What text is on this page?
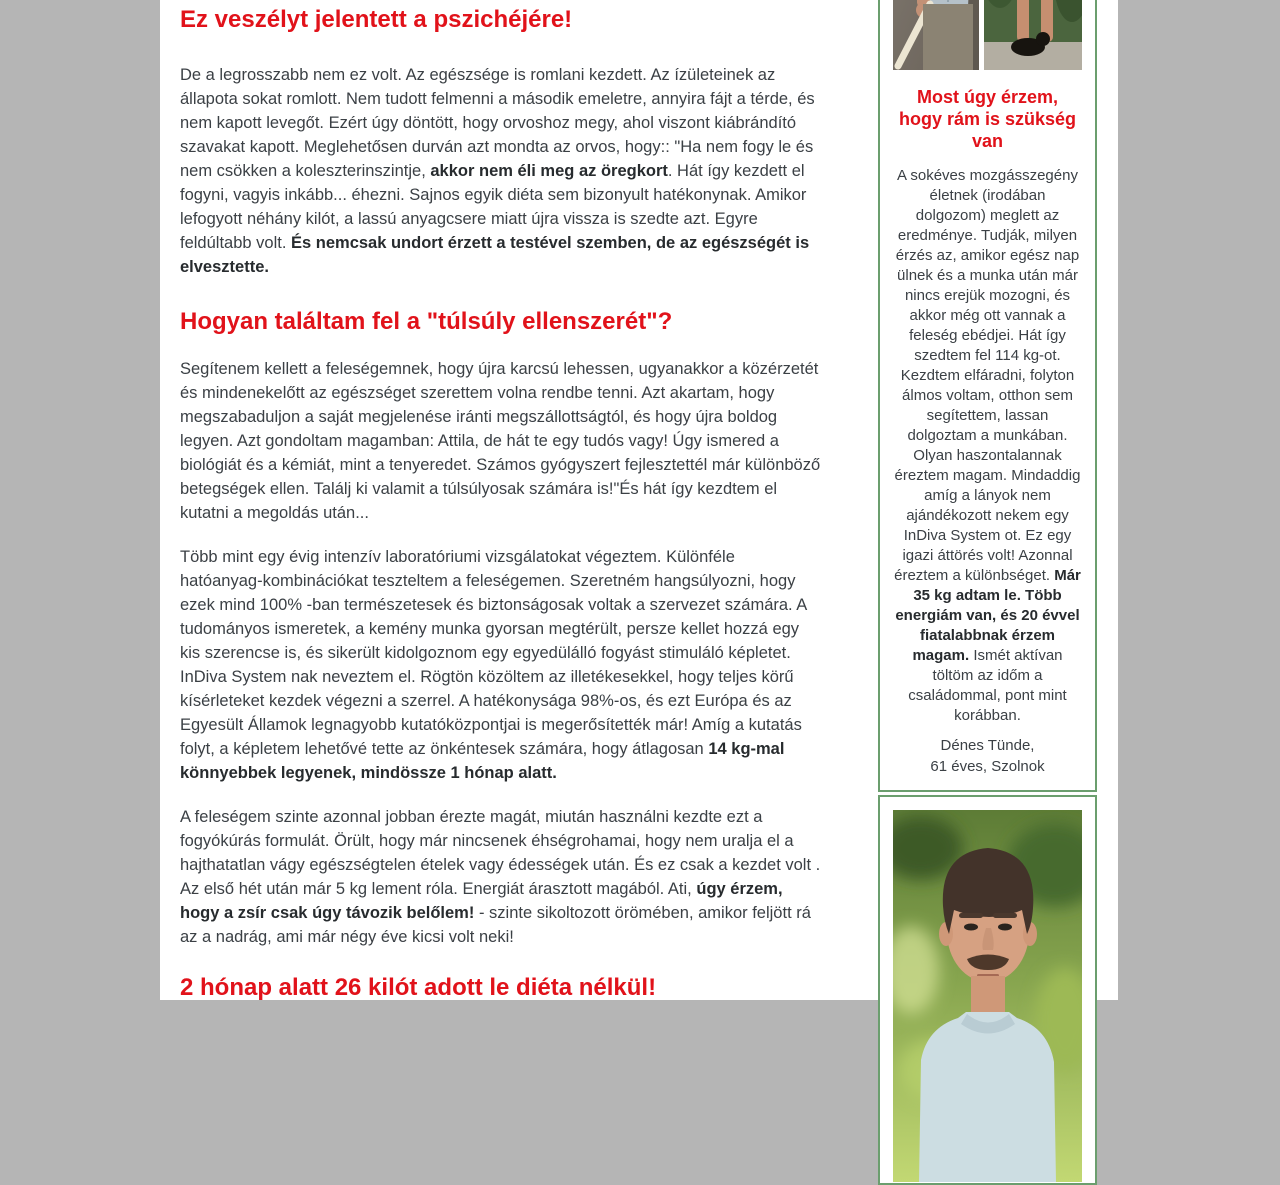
Ez veszélyt jelentett a pszichéjére!

De a legrosszabb nem ez volt. Az egészsége is romlani kezdett. Az ízületeinek az állapota sokat romlott. Nem tudott felmenni a második emeletre, annyira fájt a térde, és nem kapott levegőt. Ezért úgy döntött, hogy orvoshoz megy, ahol viszont kiábrándító szavakat kapott. Meglehetősen durván azt mondta az orvos, hogy:: "Ha nem fogy le és nem csökken a koleszterinszintje, akkor nem éli meg az öregkort. Hát így kezdett el fogyni, vagyis inkább... éhezni. Sajnos egyik diéta sem bizonyult hatékonynak. Amikor lefogyott néhány kilót, a lassú anyagcsere miatt újra vissza is szedte azt. Egyre feldúltabb volt. És nemcsak undort érzett a testével szemben, de az egészségét is elvesztette.

Hogyan találtam fel a "túlsúly ellenszerét"?

Segítenem kellett a feleségemnek, hogy újra karcsú lehessen, ugyanakkor a közérzetét és mindenekelőtt az egészséget szerettem volna rendbe tenni. Azt akartam, hogy megszabaduljon a saját megjelenése iránti megszállottságtól, és hogy újra boldog legyen. Azt gondoltam magamban: Attila, de hát te egy tudós vagy! Úgy ismered a biológiát és a kémiát, mint a tenyeredet. Számos gyógyszert fejlesztettél már különböző betegségek ellen. Találj ki valamit a túlsúlyosak számára is!"És hát így kezdtem el kutatni a megoldás után...

Több mint egy évig intenzív laboratóriumi vizsgálatokat végeztem. Különféle hatóanyag-kombinációkat teszteltem a feleségemen. Szeretném hangsúlyozni, hogy ezek mind 100% -ban természetesek és biztonságosak voltak a szervezet számára. A tudományos ismeretek, a kemény munka gyorsan megtérült, persze kellet hozzá egy kis szerencse is, és sikerült kidolgoznom egy egyedülálló fogyást stimuláló képletet. InDiva System nak neveztem el. Rögtön közöltem az illetékesekkel, hogy teljes körű kísérleteket kezdek végezni a szerrel. A hatékonysága 98%-os, és ezt Európa és az Egyesült Államok legnagyobb kutatóközpontjai is megerősítették már! Amíg a kutatás folyt, a képletem lehetővé tette az önkéntesek számára, hogy átlagosan 14 kg-mal könnyebbek legyenek, mindössze 1 hónap alatt.

A feleségem szinte azonnal jobban érezte magát, miután használni kezdte ezt a fogyókúrás formulát. Örült, hogy már nincsenek éhségrohamai, hogy nem uralja el a hajthatatlan vágy egészségtelen ételek vagy édességek után. És ez csak a kezdet volt . Az első hét után már 5 kg lement róla. Energiát árasztott magából. Ati, úgy érzem, hogy a zsír csak úgy távozik belőlem! - szinte sikoltozott örömében, amikor feljött rá az a nadrág, ami már négy éve kicsi volt neki!

2 hónap alatt 26 kilót adott le diéta nélkül!
Most úgy érzem, hogy rám is szükség van

A sokéves mozgásszegény életnek (irodában dolgozom) meglett az eredménye. Tudják, milyen érzés az, amikor egész nap ülnek és a munka után már nincs erejük mozogni, és akkor még ott vannak a feleség ebédjei. Hát így szedtem fel 114 kg-ot. Kezdtem elfáradni, folyton álmos voltam, otthon sem segítettem, lassan dolgoztam a munkában. Olyan haszontalannak éreztem magam. Mindaddig amíg a lányok nem ajándékozott nekem egy InDiva System ot. Ez egy igazi áttörés volt! Azonnal éreztem a különbséget. Már 35 kg adtam le. Több energiám van, és 20 évvel fiatalabbnak érzem magam. Ismét aktívan töltöm az időm a családommal, pont mint korábban.

Dénes Tünde,
61 éves, Szolnok
